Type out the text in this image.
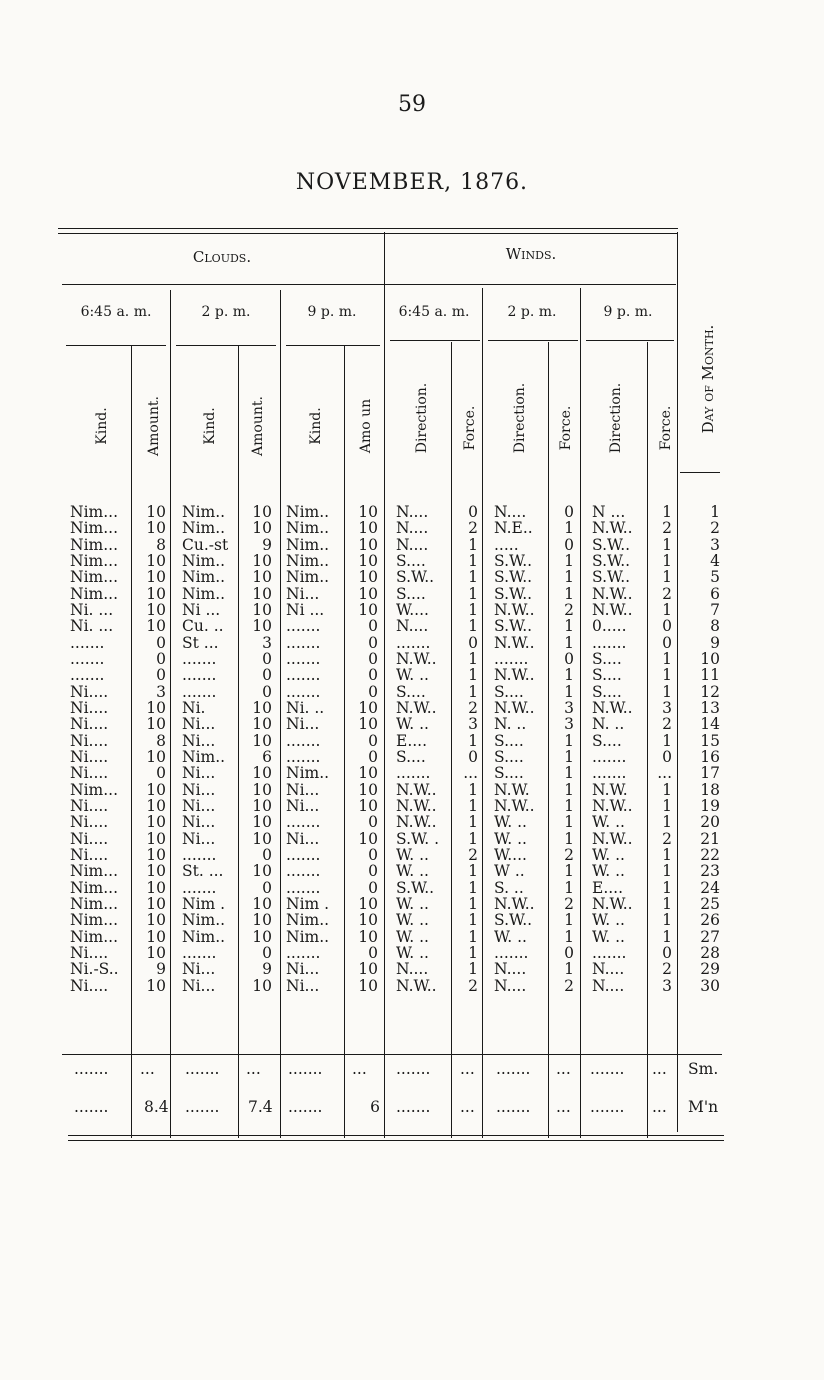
59
NOVEMBER, 1876.
Clouds.	Winds.
6:45 a. m.	2 p. m.	9 p. m.	6:45 a. m.	2 p. m.	9 p. m.
Kind.	Amount.	Kind. Amount.	Kind. Amo un	Direction. Force. Direction. Force. Direction. Force. Day of Month.
Nim...	10 Nim..	10 Nim..	10 N....	0 N....	0 N ...	1	1
Nim...	10 Nim..	10 Nim..	10 N....	2 N.E..	1 N.W..	2	2
Nim...	8 Cu.-st	9 Nim..	10 N....	1 .....	0 S.W..	1	3
Nim...	10 Nim..	10 Nim..	10 S....	1 S.W..	1 S.W..	1	4
Nim...	10 Nim..	10 Nim..	10 S.W..	1 S.W..	1 S.W..	1	5
Nim...	10 Nim..	10 Ni...	10 S....	1 S.W..	1 N.W..	2	6
Ni. ...	10 Ni ...	10 Ni ...	10 W....	1 N.W..	2 N.W..	1	7
Ni. ...	10 Cu. ..	10 .......	0 N....	1 S.W..	1 0.....	0	8
.......	0 St ...	3 .......	0 .......	0 N.W..	1 .......	0	9
.......	0 .......	0 .......	0 N.W..	1 .......	0 S....	1	10
.......	0 .......	0 .......	0 W. ..	1 N.W..	1 S....	1	11
Ni....	3 .......	0 .......	0 S....	1 S....	1 S....	1	12
Ni....	10 Ni.	10 Ni. ..	10 N.W..	2 N.W..	3 N.W..	3	13
Ni....	10 Ni...	10 Ni...	10 W. ..	3 N. ..	3 N. ..	2	14
Ni....	8 Ni...	10 .......	0 E....	1 S....	1 S....	1	15
Ni....	10 Nim..	6 .......	0 S....	0 S....	1 .......	0	16
Ni....	0 Ni...	10 Nim..	10 .......	... S....	1 .......	...	17
Nim...	10 Ni...	10 Ni...	10 N.W..	1 N.W.	1 N.W.	1	18
Ni....	10 Ni...	10 Ni...	10 N.W..	1 N.W..	1 N.W..	1	19
Ni....	10 Ni...	10 .......	0 N.W..	1 W. ..	1 W. ..	1	20
Ni....	10 Ni...	10 Ni...	10 S.W. .	1 W. ..	1 N.W..	2	21
Ni....	10 .......	0 .......	0 W. ..	2 W....	2 W. ..	1	22
Nim...	10 St. ...	10 .......	0 W. ..	1 W ..	1 W. ..	1	23
Nim...	10 .......	0 .......	0 S.W..	1 S. ..	1 E....	1	24
Nim...	10 Nim .	10 Nim .	10 W. ..	1 N.W..	2 N.W..	1	25
Nim...	10 Nim..	10 Nim..	10 W. ..	1 S.W..	1 W. ..	1	26
Nim...	10 Nim..	10 Nim..	10 W. ..	1 W. ..	1 W. ..	1	27
Ni....	10 .......	0 .......	0 W. ..	1 .......	0 .......	0	28
Ni.-S..	9 Ni...	9 Ni...	10 N....	1 N....	1 N....	2	29
Ni....	10 Ni...	10 Ni...	10 N.W..	2 N....	2 N....	3	30
.......	...	.......	...	.......	...	.......	...	.......	...	.......	...	Sm.
.......	8.4	.......	7.4 .......	6 .......	...	.......	...	.......	...	M'n
